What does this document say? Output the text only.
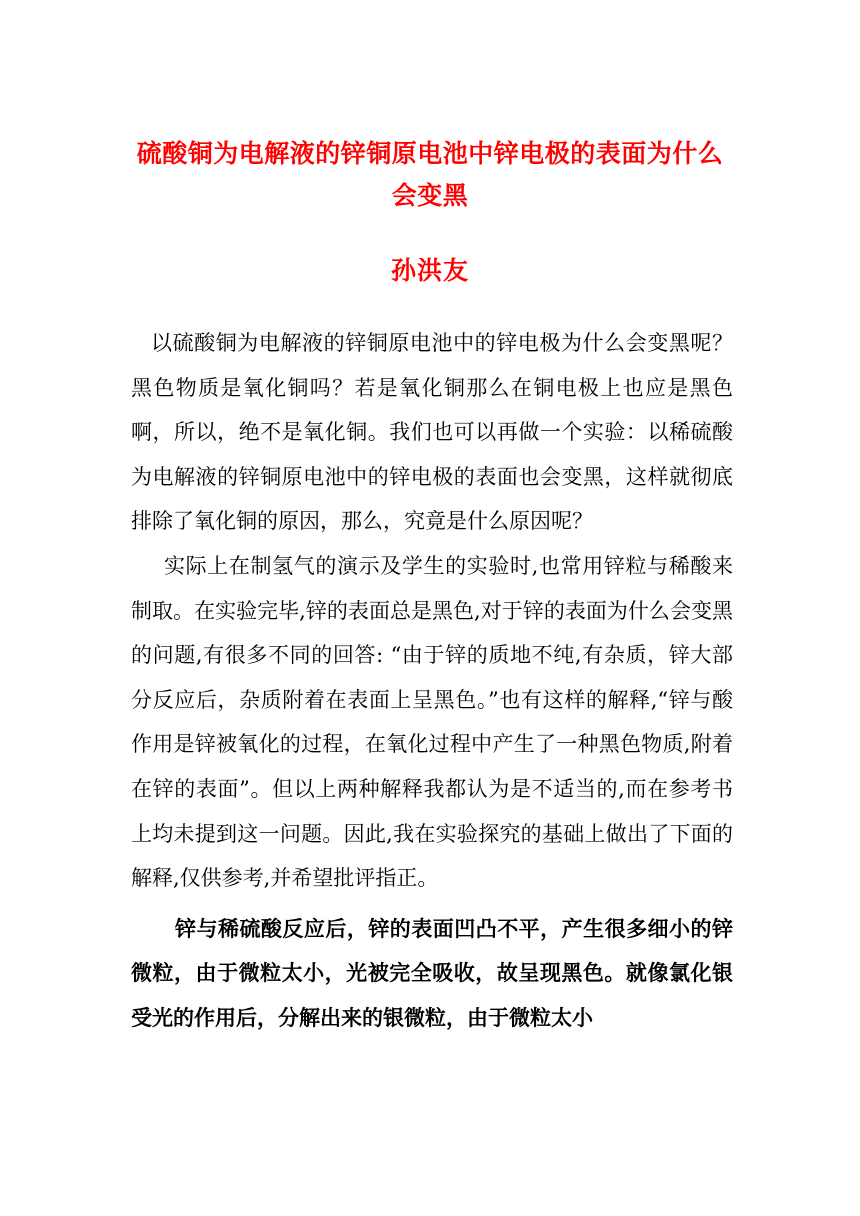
硫酸铜为电解液的锌铜原电池中锌电极的表面为什么会变黑
孙洪友

以硫酸铜为电解液的锌铜原电池中的锌电极为什么会变黑呢？黑色物质是氧化铜吗？若是氧化铜那么在铜电极上也应是黑色啊，所以，绝不是氧化铜。我们也可以再做一个实验：以稀硫酸为电解液的锌铜原电池中的锌电极的表面也会变黑，这样就彻底排除了氧化铜的原因，那么，究竟是什么原因呢？

实际上在制氢气的演示及学生的实验时,也常用锌粒与稀酸来制取。在实验完毕,锌的表面总是黑色,对于锌的表面为什么会变黑的问题,有很多不同的回答: “由于锌的质地不纯,有杂质，锌大部分反应后，杂质附着在表面上呈黑色。”也有这样的解释,“锌与酸作用是锌被氧化的过程，在氧化过程中产生了一种黑色物质,附着在锌的表面”。但以上两种解释我都认为是不适当的,而在参考书上均未提到这一问题。因此,我在实验探究的基础上做出了下面的解释,仅供参考,并希望批评指正。

锌与稀硫酸反应后，锌的表面凹凸不平，产生很多细小的锌微粒，由于微粒太小，光被完全吸收，故呈现黑色。就像氯化银受光的作用后，分解出来的银微粒，由于微粒太小
